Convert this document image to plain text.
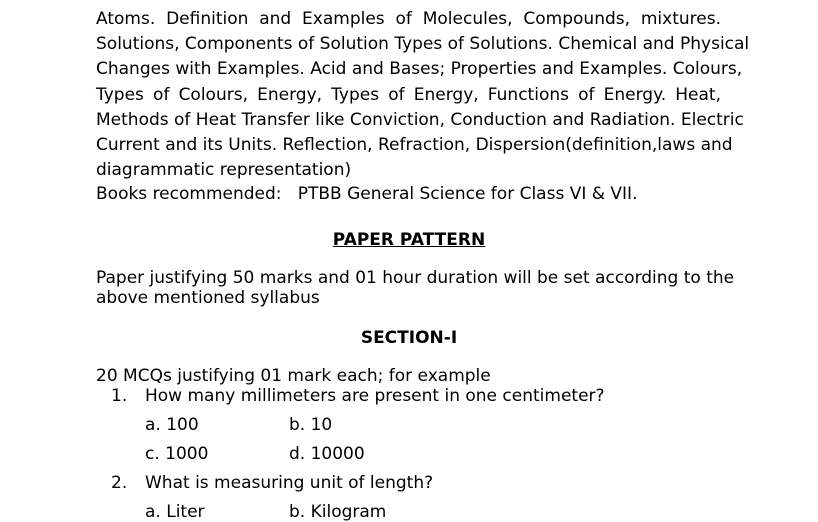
Atoms. Definition and Examples of Molecules, Compounds, mixtures.
Solutions, Components of Solution Types of Solutions. Chemical and Physical
Changes with Examples. Acid and Bases; Properties and Examples. Colours,
Types of Colours, Energy, Types of Energy, Functions of Energy. Heat,
Methods of Heat Transfer like Conviction, Conduction and Radiation. Electric
Current and its Units. Reflection, Refraction, Dispersion(definition,laws and
diagrammatic representation)
Books recommended: PTBB General Science for Class VI & VII.
PAPER PATTERN
Paper justifying 50 marks and 01 hour duration will be set according to the
above mentioned syllabus
SECTION-I
20 MCQs justifying 01 mark each; for example
1. How many millimeters are present in one centimeter?
a. 100	b. 10
c. 1000	d. 10000
2. What is measuring unit of length?
a. Liter	b. Kilogram
